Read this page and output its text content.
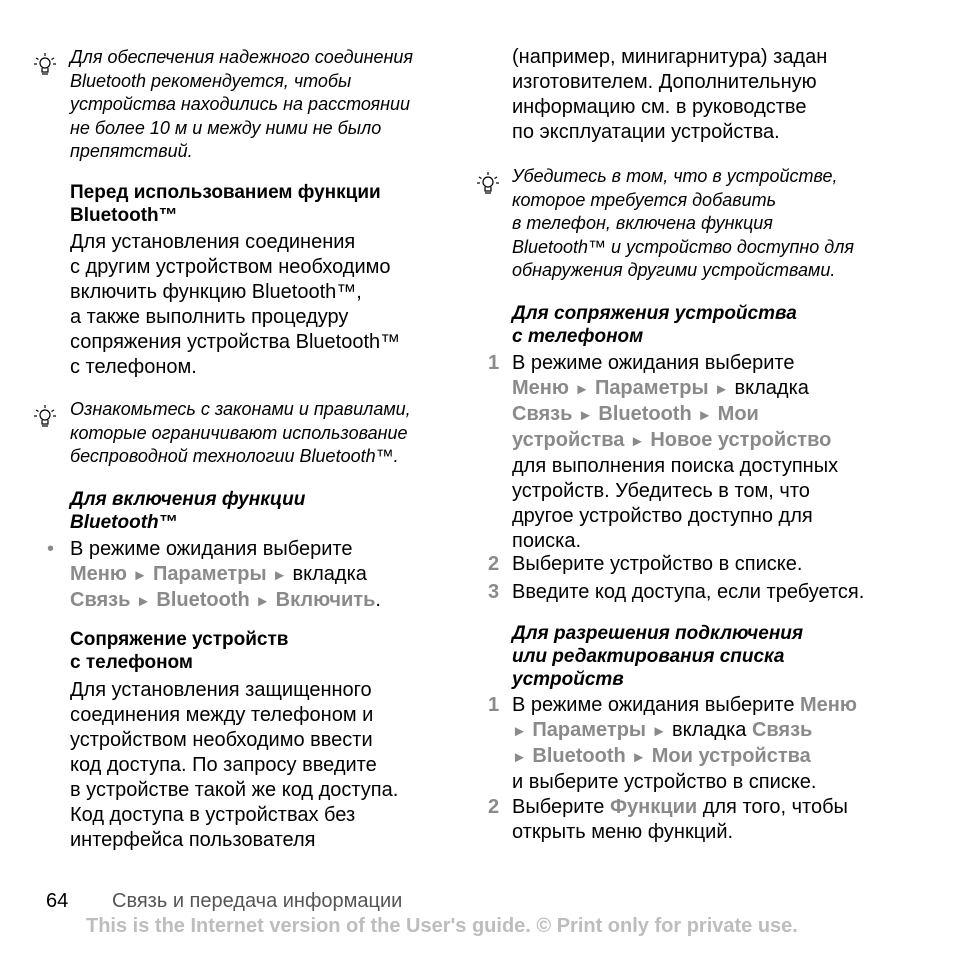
Для обеспечения надежного соединения
Bluetooth рекомендуется, чтобы
устройства находились на расстоянии
не более 10 м и между ними не было
препятствий.
Перед использованием функции
Bluetooth™
Для установления соединения
с другим устройством необходимо
включить функцию Bluetooth™,
а также выполнить процедуру
сопряжения устройства Bluetooth™
с телефоном.
Ознакомьтесь с законами и правилами,
которые ограничивают использование
беспроводной технологии Bluetooth™.
Для включения функции
Bluetooth™
• В режиме ожидания выберите
Меню ► Параметры ► вкладка
Связь ► Bluetooth ► Включить.
Сопряжение устройств
с телефоном
Для установления защищенного
соединения между телефоном и
устройством необходимо ввести
код доступа. По запросу введите
в устройстве такой же код доступа.
Код доступа в устройствах без
интерфейса пользователя
(например, минигарнитура) задан
изготовителем. Дополнительную
информацию см. в руководстве
по эксплуатации устройства.
Убедитесь в том, что в устройстве,
которое требуется добавить
в телефон, включена функция
Bluetooth™ и устройство доступно для
обнаружения другими устройствами.
Для сопряжения устройства
с телефоном
1 В режиме ожидания выберите
Меню ► Параметры ► вкладка
Связь ► Bluetooth ► Мои
устройства ► Новое устройство
для выполнения поиска доступных
устройств. Убедитесь в том, что
другое устройство доступно для
поиска.
2 Выберите устройство в списке.
3 Введите код доступа, если требуется.
Для разрешения подключения
или редактирования списка
устройств
1 В режиме ожидания выберите Меню
► Параметры ► вкладка Связь
► Bluetooth ► Мои устройства
и выберите устройство в списке.
2 Выберите Функции для того, чтобы
открыть меню функций.
64 Связь и передача информации
This is the Internet version of the User's guide. © Print only for private use.
